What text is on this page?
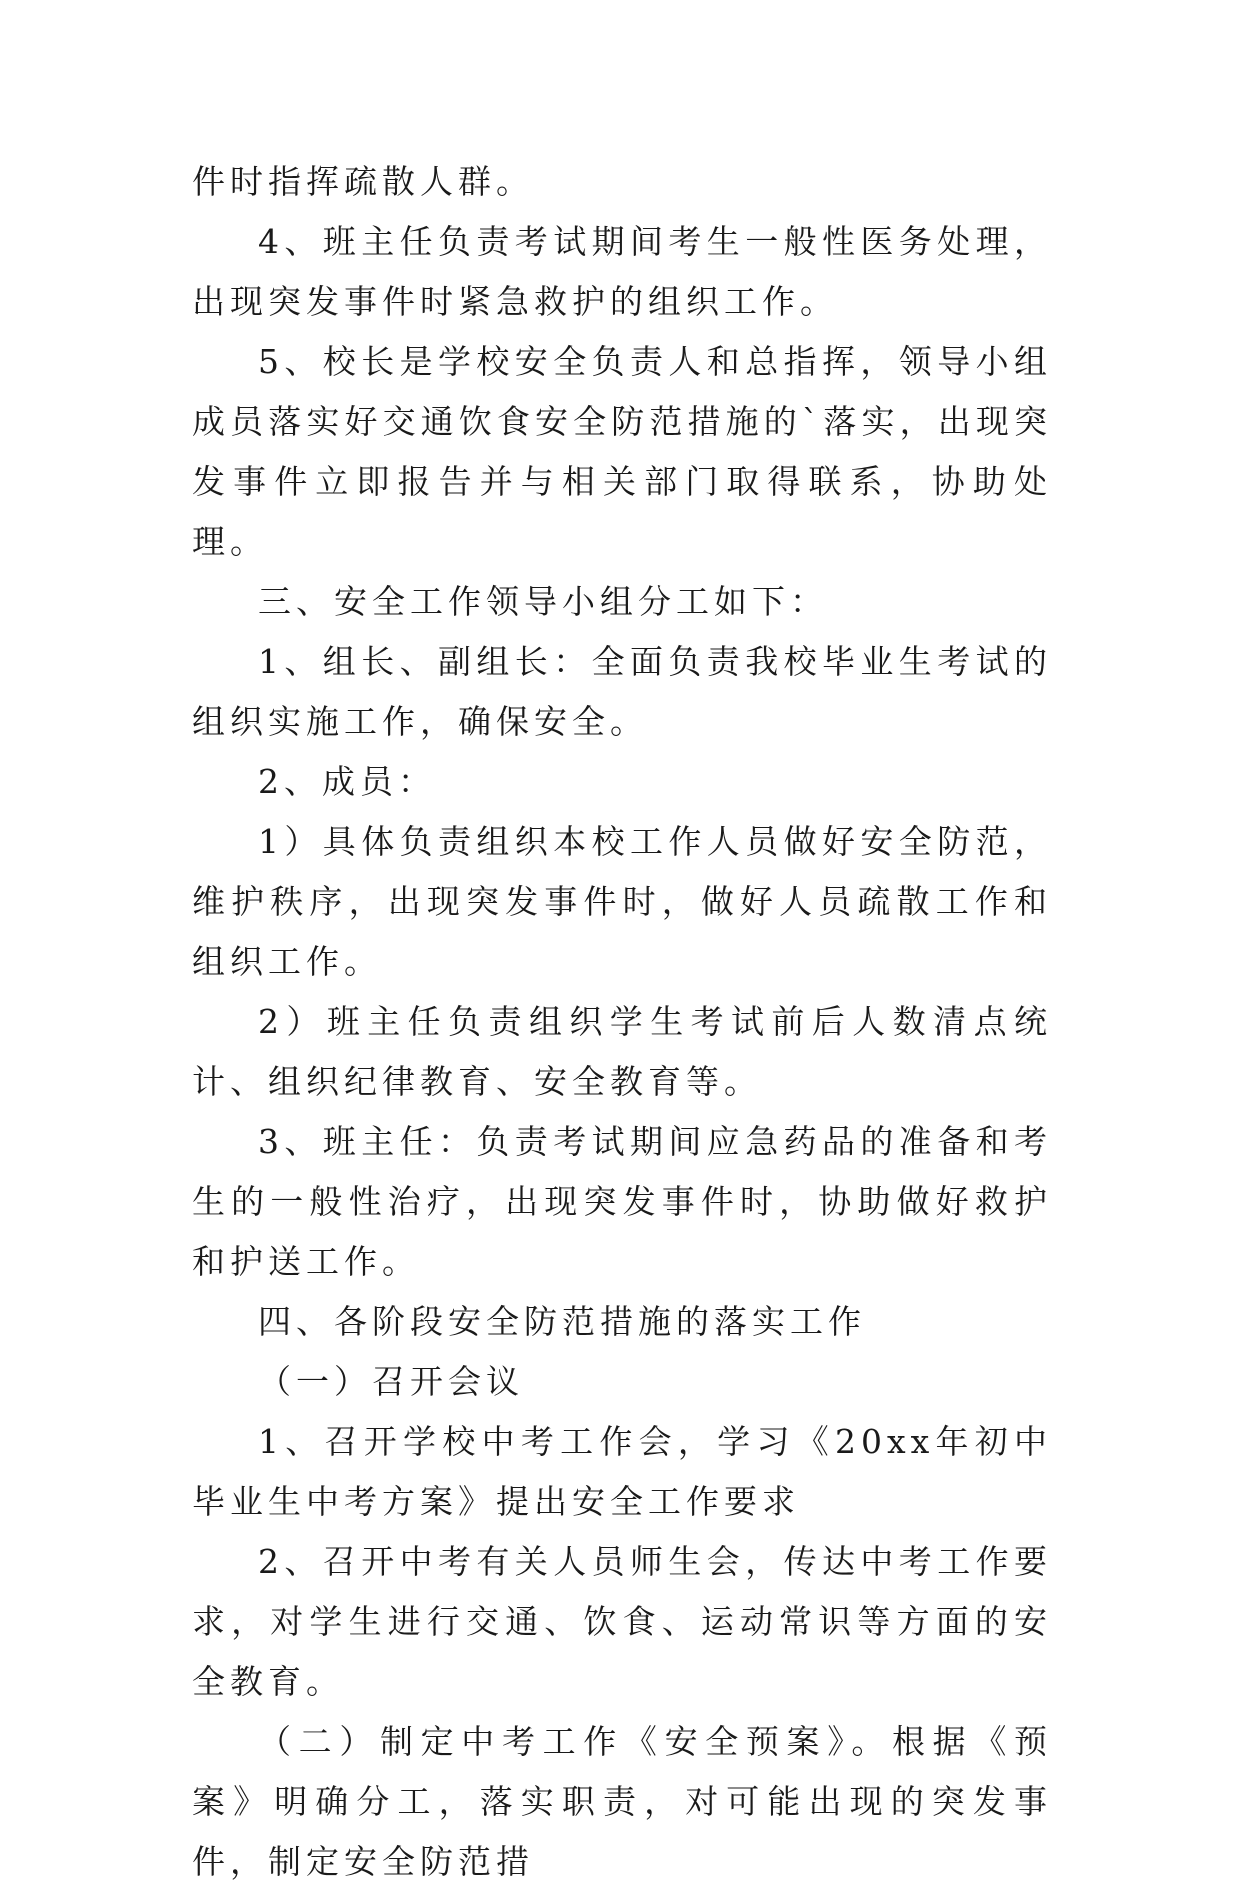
件时指挥疏散人群。

4、班主任负责考试期间考生一般性医务处理，出现突发事件时紧急救护的组织工作。

5、校长是学校安全负责人和总指挥，领导小组成员落实好交通饮食安全防范措施的`落实，出现突发事件立即报告并与相关部门取得联系，协助处理。

三、安全工作领导小组分工如下：

1、组长、副组长：全面负责我校毕业生考试的组织实施工作，确保安全。

2、成员：

1）具体负责组织本校工作人员做好安全防范，维护秩序，出现突发事件时，做好人员疏散工作和组织工作。

2）班主任负责组织学生考试前后人数清点统计、组织纪律教育、安全教育等。

3、班主任：负责考试期间应急药品的准备和考生的一般性治疗，出现突发事件时，协助做好救护和护送工作。

四、各阶段安全防范措施的落实工作

（一）召开会议

1、召开学校中考工作会，学习《20xx年初中毕业生中考方案》提出安全工作要求

2、召开中考有关人员师生会，传达中考工作要求，对学生进行交通、饮食、运动常识等方面的安全教育。

（二）制定中考工作《安全预案》。根据《预案》明确分工，落实职责，对可能出现的突发事件，制定安全防范措
